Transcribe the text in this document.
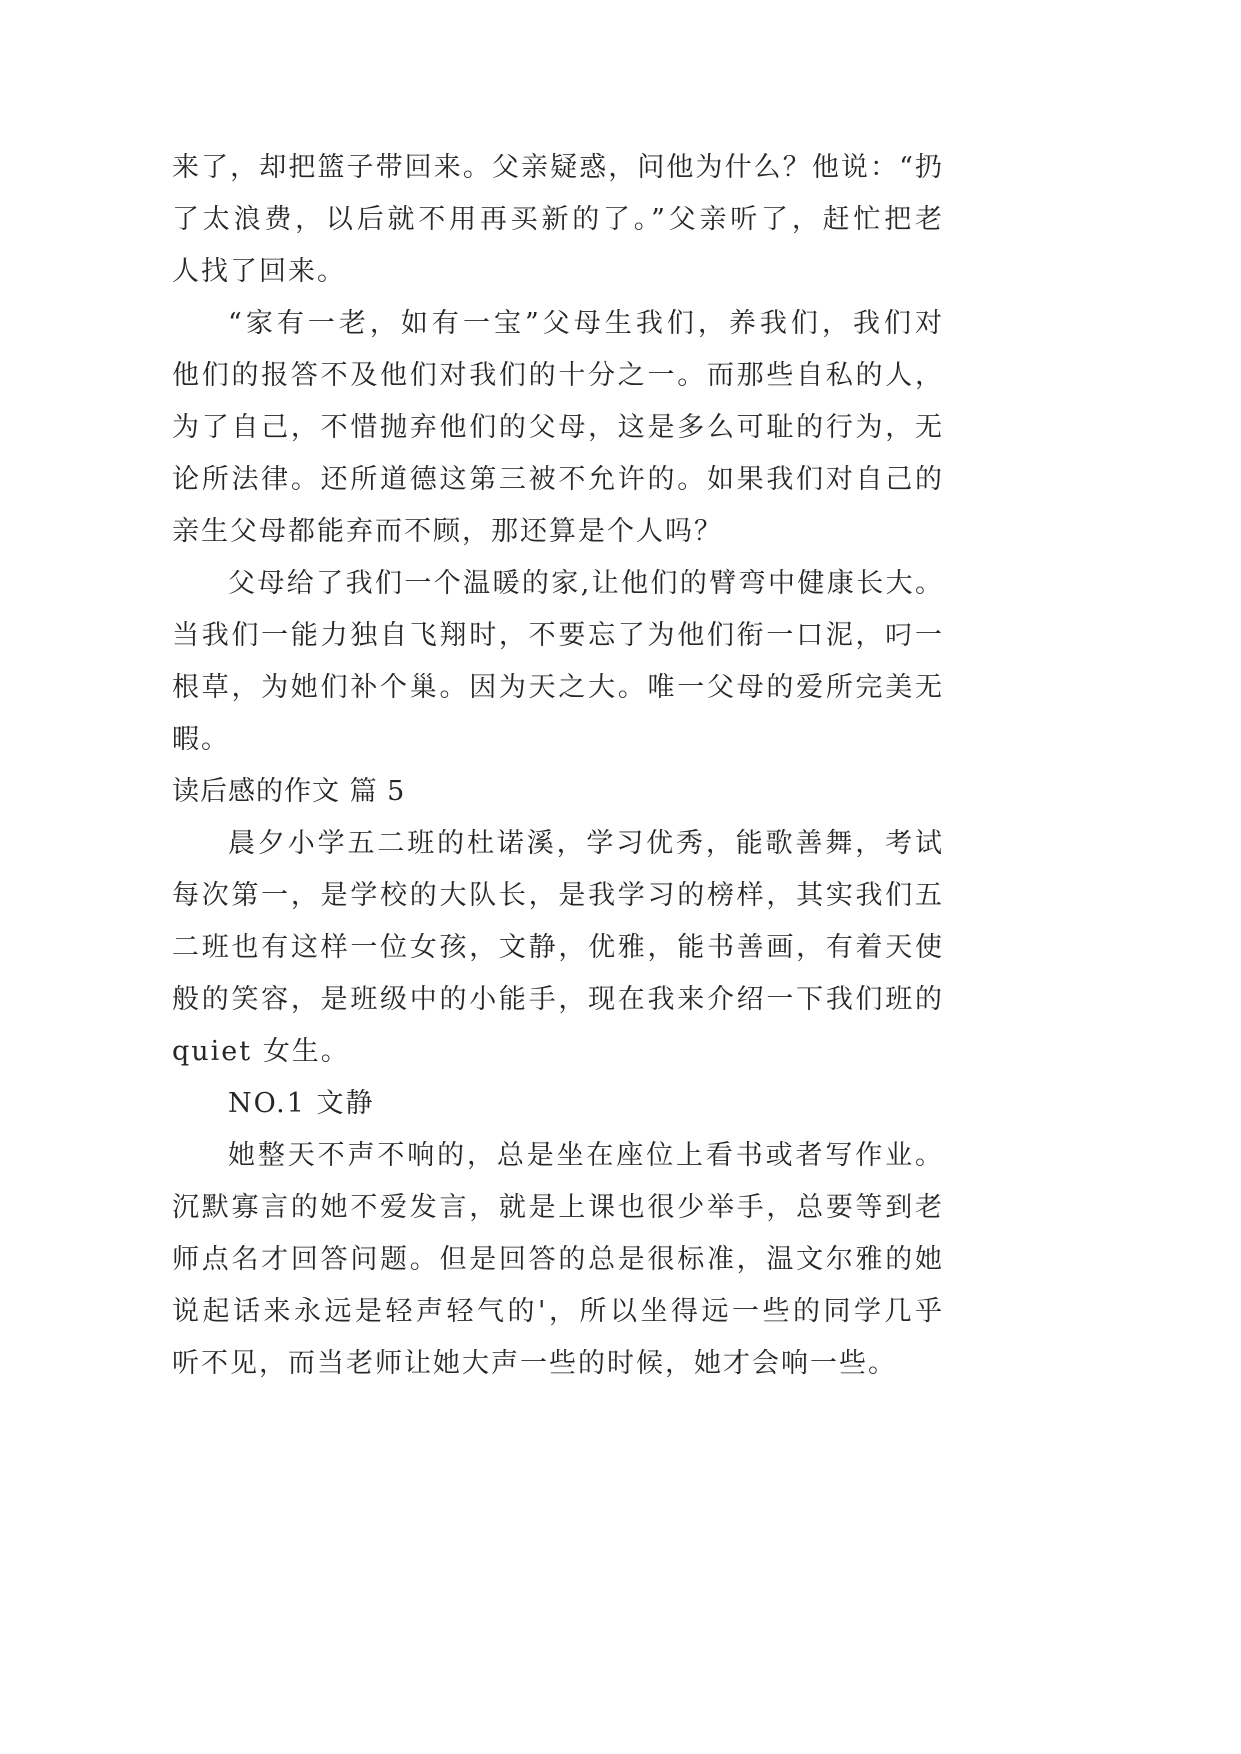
来了，却把篮子带回来。父亲疑惑，问他为什么？他说：“扔
了太浪费，以后就不用再买新的了。”父亲听了，赶忙把老
人找了回来。
“家有一老，如有一宝”父母生我们，养我们，我们对
他们的报答不及他们对我们的十分之一。而那些自私的人，
为了自己，不惜抛弃他们的父母，这是多么可耻的行为，无
论所法律。还所道德这第三被不允许的。如果我们对自己的
亲生父母都能弃而不顾，那还算是个人吗？
父母给了我们一个温暖的家,让他们的臂弯中健康长大。
当我们一能力独自飞翔时，不要忘了为他们衔一口泥，叼一
根草，为她们补个巢。因为天之大。唯一父母的爱所完美无
暇。
读后感的作文 篇 5
晨夕小学五二班的杜诺溪，学习优秀，能歌善舞，考试
每次第一，是学校的大队长，是我学习的榜样，其实我们五
二班也有这样一位女孩，文静，优雅，能书善画，有着天使
般的笑容，是班级中的小能手，现在我来介绍一下我们班的
quiet 女生。
NO.1 文静
她整天不声不响的，总是坐在座位上看书或者写作业。
沉默寡言的她不爱发言，就是上课也很少举手，总要等到老
师点名才回答问题。但是回答的总是很标准，温文尔雅的她
说起话来永远是轻声轻气的'，所以坐得远一些的同学几乎
听不见，而当老师让她大声一些的时候，她才会响一些。
